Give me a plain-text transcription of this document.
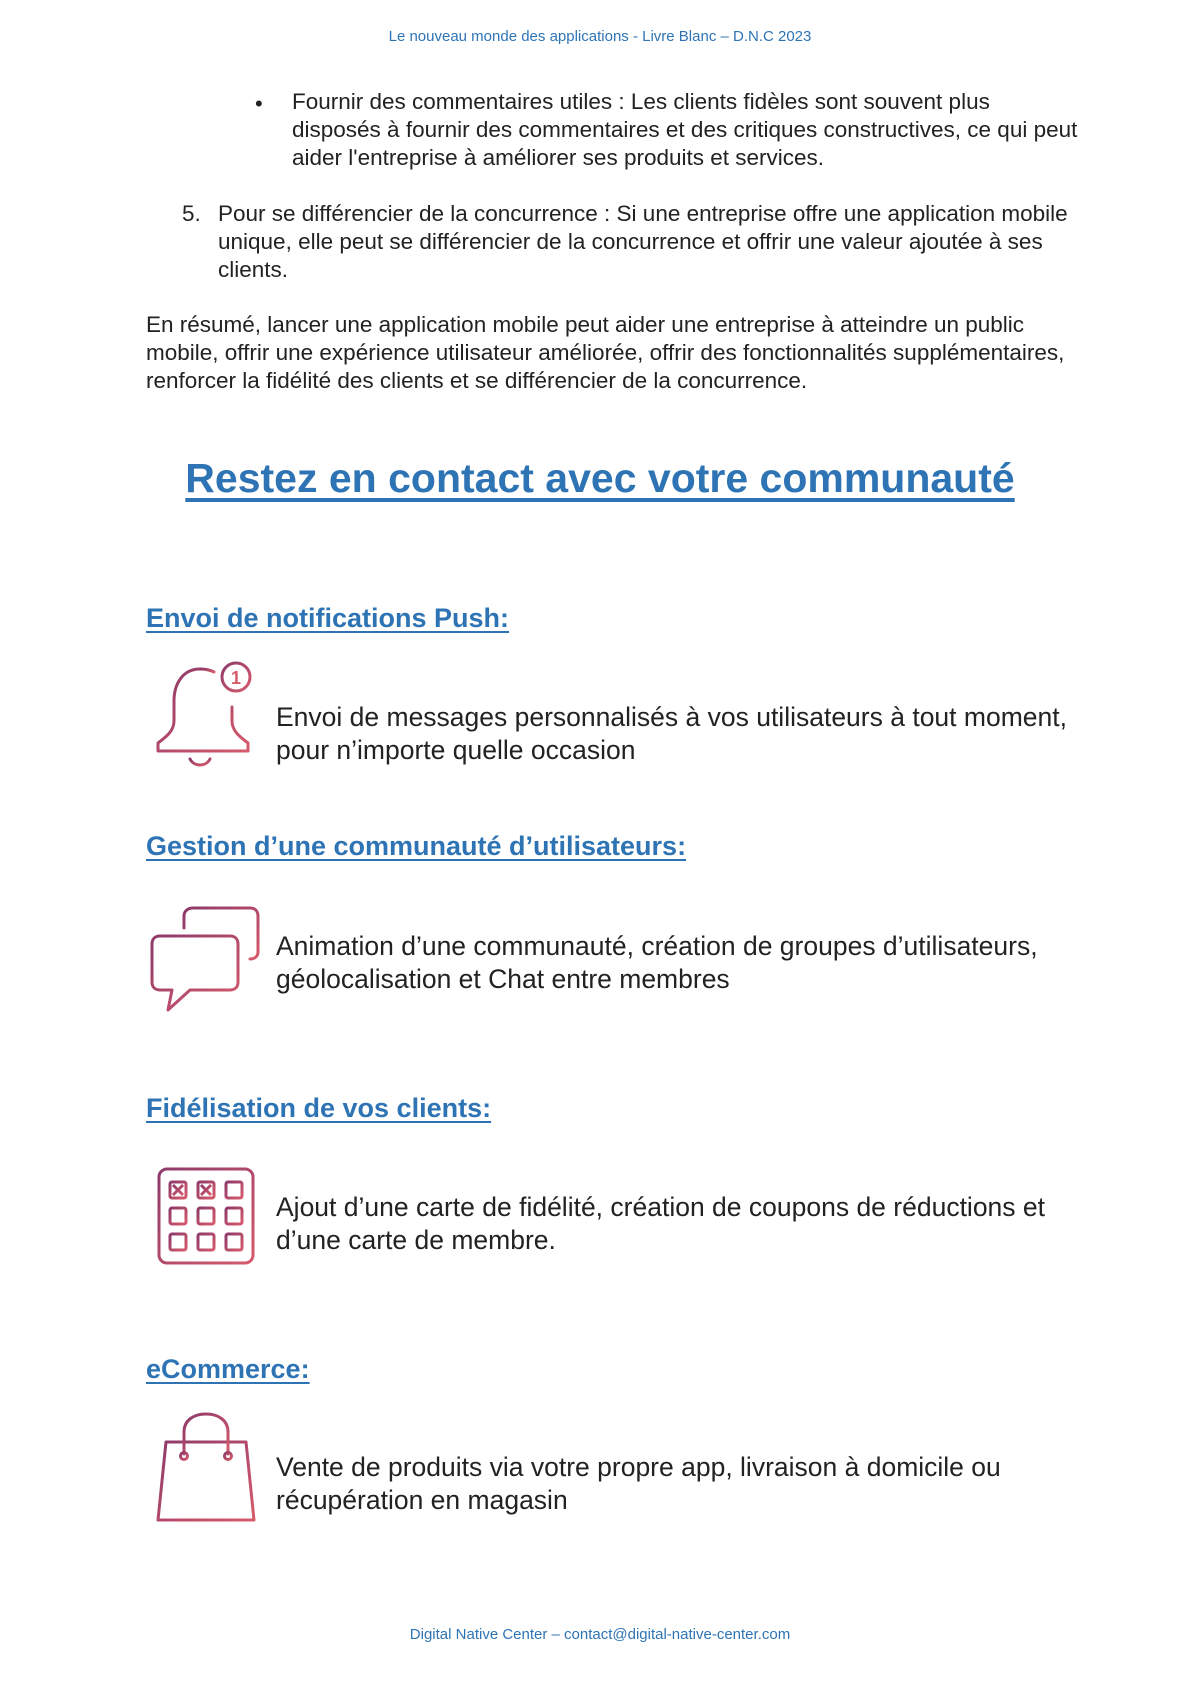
Le nouveau monde des applications - Livre Blanc – D.N.C 2023
• Fournir des commentaires utiles : Les clients fidèles sont souvent plus disposés à fournir des commentaires et des critiques constructives, ce qui peut aider l'entreprise à améliorer ses produits et services.
5. Pour se différencier de la concurrence : Si une entreprise offre une application mobile unique, elle peut se différencier de la concurrence et offrir une valeur ajoutée à ses clients.
En résumé, lancer une application mobile peut aider une entreprise à atteindre un public mobile, offrir une expérience utilisateur améliorée, offrir des fonctionnalités supplémentaires, renforcer la fidélité des clients et se différencier de la concurrence.
Restez en contact avec votre communauté
Envoi de notifications Push:
1
Envoi de messages personnalisés à vos utilisateurs à tout moment, pour n’importe quelle occasion
Gestion d’une communauté d’utilisateurs:
Animation d’une communauté, création de groupes d’utilisateurs, géolocalisation et Chat entre membres
Fidélisation de vos clients:
Ajout d’une carte de fidélité, création de coupons de réductions et d’une carte de membre.
eCommerce:
Vente de produits via votre propre app, livraison à domicile ou récupération en magasin
Digital Native Center – contact@digital-native-center.com
